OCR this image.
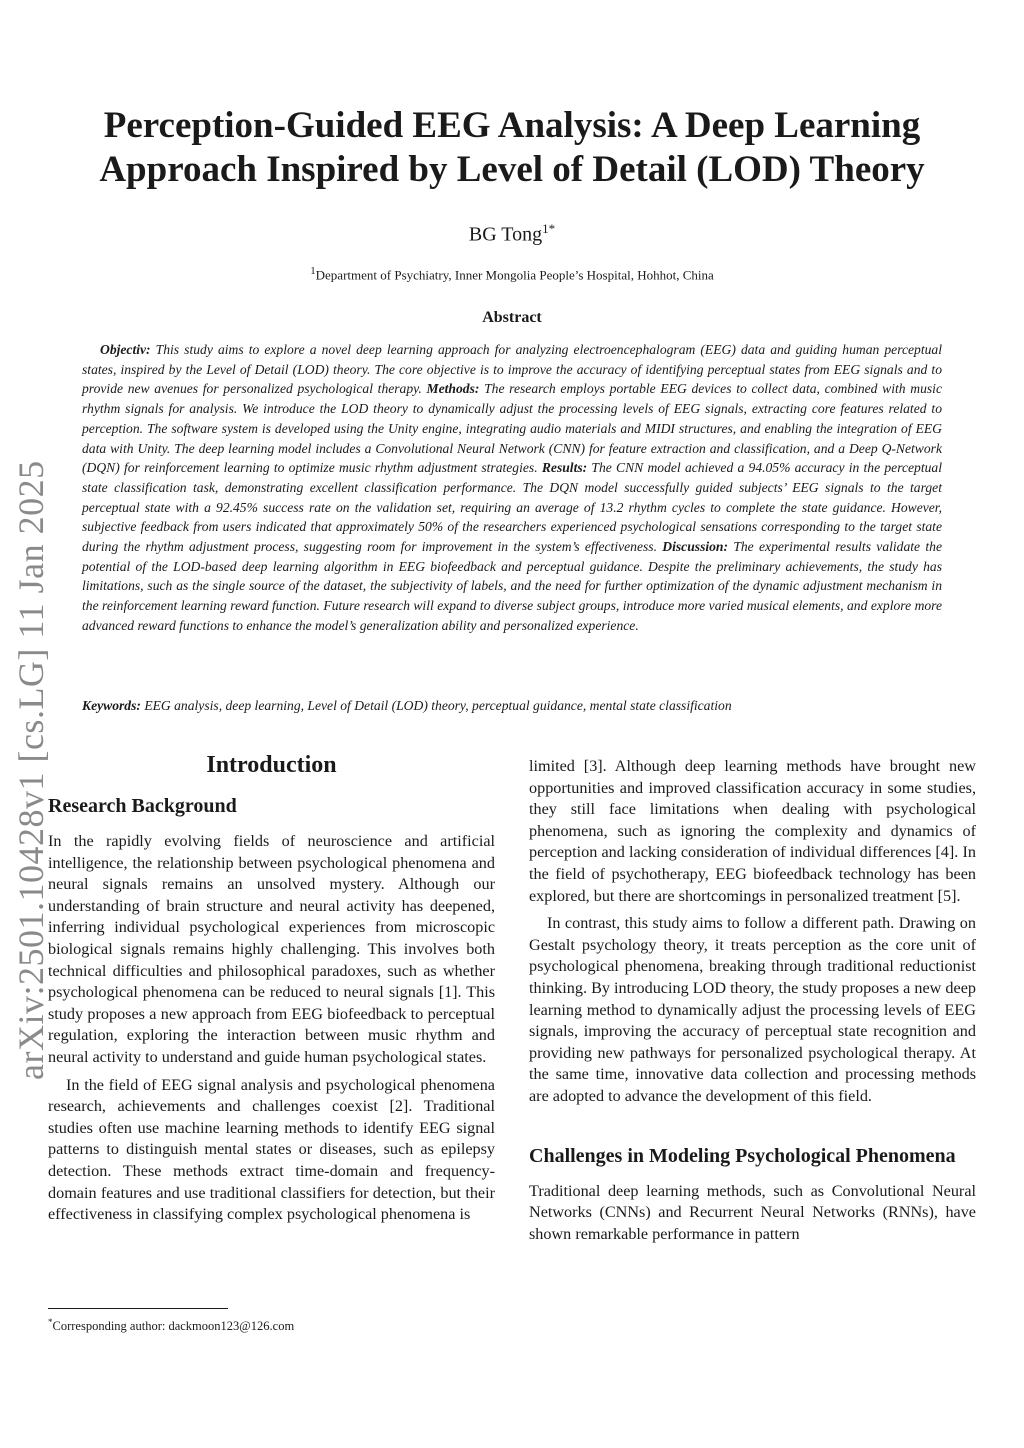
arXiv:2501.10428v1 [cs.LG] 11 Jan 2025
Perception-Guided EEG Analysis: A Deep Learning Approach Inspired by Level of Detail (LOD) Theory
BG Tong$^{1*}$
$^1$Department of Psychiatry, Inner Mongolia People’s Hospital, Hohhot, China
Abstract

Objectiv: This study aims to explore a novel deep learning approach for analyzing electroencephalogram (EEG) data and guiding human perceptual states, inspired by the Level of Detail (LOD) theory. The core objective is to improve the accuracy of identifying perceptual states from EEG signals and to provide new avenues for personalized psychological therapy. Methods: The research employs portable EEG devices to collect data, combined with music rhythm signals for analysis. We introduce the LOD theory to dynamically adjust the processing levels of EEG signals, extracting core features related to perception. The software system is developed using the Unity engine, integrating audio materials and MIDI structures, and enabling the integration of EEG data with Unity. The deep learning model includes a Convolutional Neural Network (CNN) for feature extraction and classification, and a Deep Q-Network (DQN) for reinforcement learning to optimize music rhythm adjustment strategies. Results: The CNN model achieved a 94.05% accuracy in the perceptual state classification task, demonstrating excellent classification performance. The DQN model successfully guided subjects’ EEG signals to the target perceptual state with a 92.45% success rate on the validation set, requiring an average of 13.2 rhythm cycles to complete the state guidance. However, subjective feedback from users indicated that approximately 50% of the researchers experienced psychological sensations corresponding to the target state during the rhythm adjustment process, suggesting room for improvement in the system’s effectiveness. Discussion: The experimental results validate the potential of the LOD-based deep learning algorithm in EEG biofeedback and perceptual guidance. Despite the preliminary achievements, the study has limitations, such as the single source of the dataset, the subjectivity of labels, and the need for further optimization of the dynamic adjustment mechanism in the reinforcement learning reward function. Future research will expand to diverse subject groups, introduce more varied musical elements, and explore more advanced reward functions to enhance the model’s generalization ability and personalized experience.

Keywords: EEG analysis, deep learning, Level of Detail (LOD) theory, perceptual guidance, mental state classification
Introduction
Research Background

In the rapidly evolving fields of neuroscience and artificial intelligence, the relationship between psychological phenomena and neural signals remains an unsolved mystery. Although our understanding of brain structure and neural activity has deepened, inferring individual psychological experiences from microscopic biological signals remains highly challenging. This involves both technical difficulties and philosophical paradoxes, such as whether psychological phenomena can be reduced to neural signals [1]. This study proposes a new approach from EEG biofeedback to perceptual regulation, exploring the interaction between music rhythm and neural activity to understand and guide human psychological states.

In the field of EEG signal analysis and psychological phenomena research, achievements and challenges coexist [2]. Traditional studies often use machine learning methods to identify EEG signal patterns to distinguish mental states or diseases, such as epilepsy detection. These methods extract time-domain and frequency-domain features and use traditional classifiers for detection, but their effectiveness in classifying complex psychological phenomena is

limited [3]. Although deep learning methods have brought new opportunities and improved classification accuracy in some studies, they still face limitations when dealing with psychological phenomena, such as ignoring the complexity and dynamics of perception and lacking consideration of individual differences [4]. In the field of psychotherapy, EEG biofeedback technology has been explored, but there are shortcomings in personalized treatment [5].

In contrast, this study aims to follow a different path. Drawing on Gestalt psychology theory, it treats perception as the core unit of psychological phenomena, breaking through traditional reductionist thinking. By introducing LOD theory, the study proposes a new deep learning method to dynamically adjust the processing levels of EEG signals, improving the accuracy of perceptual state recognition and providing new pathways for personalized psychological therapy. At the same time, innovative data collection and processing methods are adopted to advance the development of this field.

Challenges in Modeling Psychological Phenomena

Traditional deep learning methods, such as Convolutional Neural Networks (CNNs) and Recurrent Neural Networks (RNNs), have shown remarkable performance in pattern

*Corresponding author: dackmoon123@126.com
